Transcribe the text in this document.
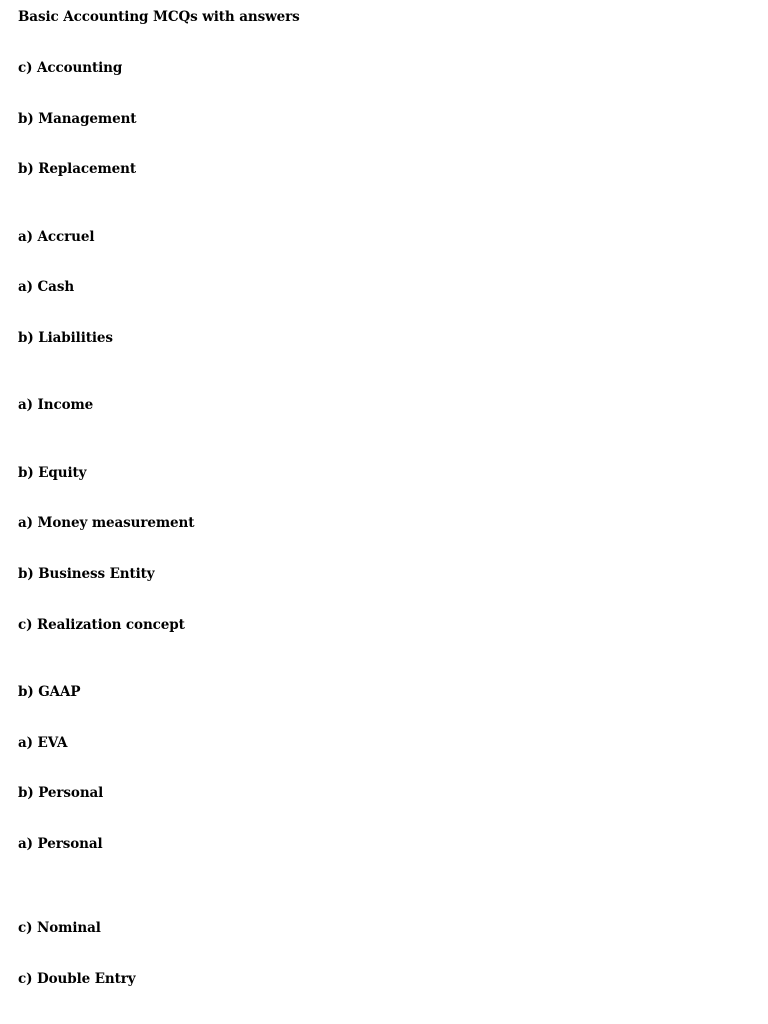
Basic Accounting MCQs with answers
c) Accounting
b) Management
b) Replacement
a) Accruel
a) Cash
b) Liabilities
a) Income
b) Equity
a) Money measurement
b) Business Entity
c) Realization concept
b) GAAP
a) EVA
b) Personal
a) Personal
c) Nominal
c) Double Entry
